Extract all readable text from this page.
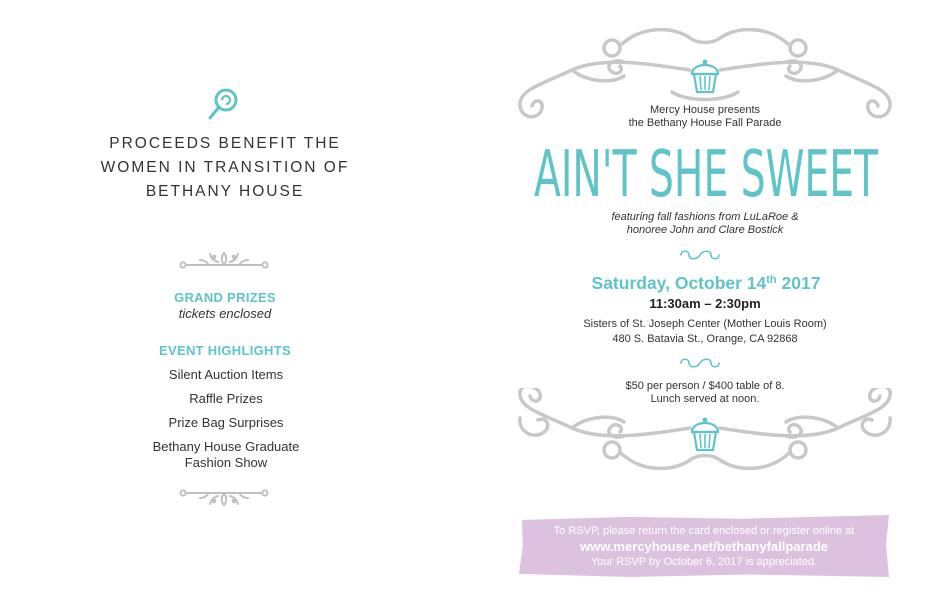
PROCEEDS BENEFIT THE
WOMEN IN TRANSITION OF
BETHANY HOUSE
GRAND PRIZES
tickets enclosed
EVENT HIGHLIGHTS
Silent Auction Items
Raffle Prizes
Prize Bag Surprises
Bethany House Graduate
Fashion Show
Mercy House presents
the Bethany House Fall Parade
AIN'T SHE SWEET
featuring fall fashions from LuLaRoe &
honoree John and Clare Bostick
Saturday, October 14th 2017
11:30am – 2:30pm
Sisters of St. Joseph Center (Mother Louis Room)
480 S. Batavia St., Orange, CA 92868
$50 per person / $400 table of 8.
Lunch served at noon.
To RSVP, please return the card enclosed or register online at
www.mercyhouse.net/bethanyfallparade
Your RSVP by October 6, 2017 is appreciated.
